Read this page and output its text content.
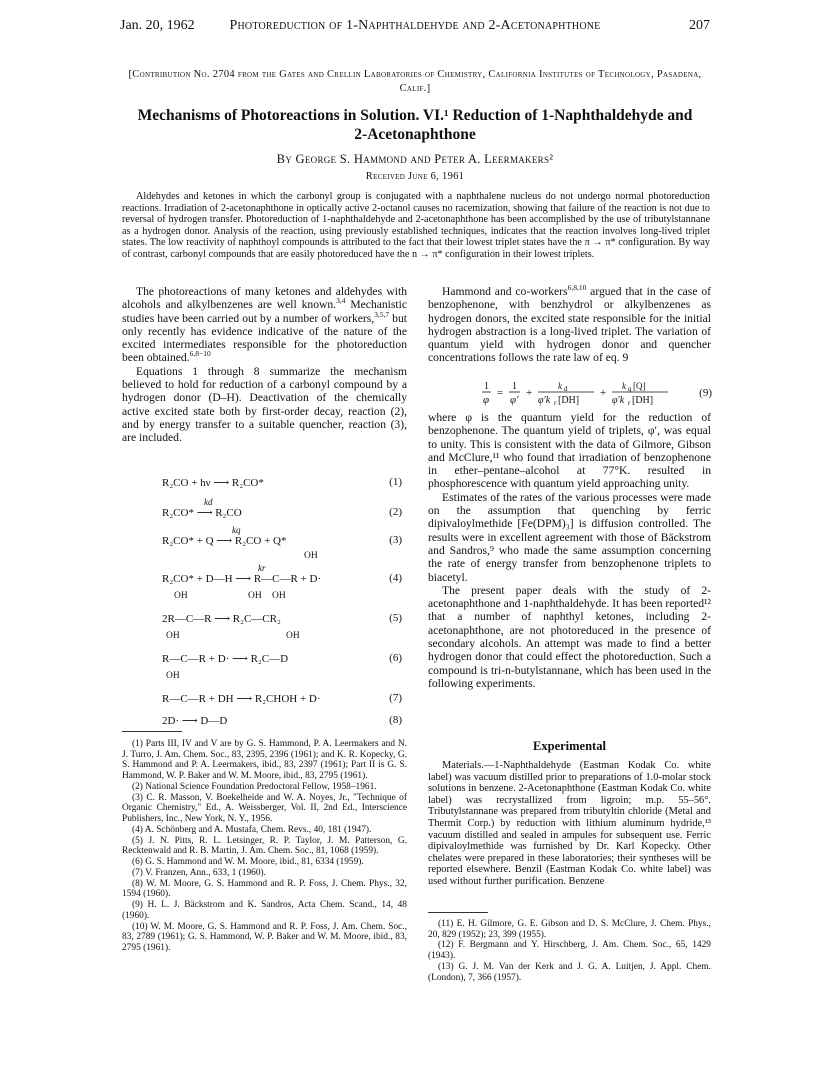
Jan. 20, 1962	Photoreduction of 1-Naphthaldehyde and 2-Acetonaphthone	207
[Contribution No. 2704 from the Gates and Crellin Laboratories of Chemistry, California Institutes of Technology, Pasadena, Calif.]
Mechanisms of Photoreactions in Solution. VI.¹ Reduction of 1-Naphthaldehyde and
2-Acetonaphthone
By George S. Hammond and Peter A. Leermakers²
Received June 6, 1961
Aldehydes and ketones in which the carbonyl group is conjugated with a naphthalene nucleus do not undergo normal photoreduction reactions. Irradiation of 2-acetonaphthone in optically active 2-octanol causes no racemization, showing that failure of the reaction is not due to reversal of hydrogen transfer. Photoreduction of 1-naphthaldehyde and 2-acetonaphthone has been accomplished by the use of tributylstannane as a hydrogen donor. Analysis of the reaction, using previously established techniques, indicates that the reaction involves long-lived triplet states. The low reactivity of naphthoyl compounds is attributed to the fact that their lowest triplet states have the π → π* configuration. By way of contrast, carbonyl compounds that are easily photoreduced have the n → π* configuration in their lowest triplets.

The photoreactions of many ketones and aldehydes with alcohols and alkylbenzenes are well known.$^{3,4}$ Mechanistic studies have been carried out by a number of workers,$^{3,5,7}$ but only recently has evidence indicative of the nature of the excited intermediates responsible for the photoreduction been obtained.$^{6,8-10}$

Equations 1 through 8 summarize the mechanism believed to hold for reduction of a carbonyl compound by a hydrogen donor (D–H). Deactivation of the chemically active excited state both by first-order decay, reaction (2), and by energy transfer to a suitable quencher, reaction (3), are included.

R₂CO + hν ⟶ R₂CO*	(1)
kd
R₂CO* ⟶ R₂CO	(2)
kq
R₂CO* + Q ⟶ R₂CO + Q*	(3)
OH
kr
R₂CO* + D—H ⟶ R—C—R + D·	(4)
OH	OH OH
2R—C—R ⟶ R₂C—CR₂	(5)
OH	OH
R—C—R + D· ⟶ R₂C—D	(6)
OH
R—C—R + DH ⟶ R₂CHOH + D·	(7)
2D· ⟶ D—D	(8)

(1) Parts III, IV and V are by G. S. Hammond, P. A. Leermakers and N. J. Turro, J. Am. Chem. Soc., 83, 2395, 2396 (1961); and K. R. Kopecky, G. S. Hammond and P. A. Leermakers, ibid., 83, 2397 (1961); Part II is G. S. Hammond, W. P. Baker and W. M. Moore, ibid., 83, 2795 (1961).

(2) National Science Foundation Predoctoral Fellow, 1958–1961.

(3) C. R. Masson, V. Boekelheide and W. A. Noyes, Jr., "Technique of Organic Chemistry," Ed., A. Weissberger, Vol. II, 2nd Ed., Interscience Publishers, Inc., New York, N. Y., 1956.

(4) A. Schönberg and A. Mustafa, Chem. Revs., 40, 181 (1947).

(5) J. N. Pitts, R. L. Letsinger, R. P. Taylor, J. M. Patterson, G. Recktenwald and R. B. Martin, J. Am. Chem. Soc., 81, 1068 (1959).

(6) G. S. Hammond and W. M. Moore, ibid., 81, 6334 (1959).

(7) V. Franzen, Ann., 633, 1 (1960).

(8) W. M. Moore, G. S. Hammond and R. P. Foss, J. Chem. Phys., 32, 1594 (1960).

(9) H. L. J. Bäckstrom and K. Sandros, Acta Chem. Scand., 14, 48 (1960).

(10) W. M. Moore, G. S. Hammond and R. P. Foss, J. Am. Chem. Soc., 83, 2789 (1961); G. S. Hammond, W. P. Baker and W. M. Moore, ibid., 83, 2795 (1961).

Hammond and co-workers$^{6,8,10}$ argued that in the case of benzophenone, with benzhydrol or alkylbenzenes as hydrogen donors, the excited state responsible for the initial hydrogen abstraction is a long-lived triplet. The variation of quantum yield with hydrogen donor and quencher concentrations follows the rate law of eq. 9

1
φ
=
1
φ′
+
k d
φ′k r [DH]
+
k q [Q]
φ′k r [DH]
(9)

where φ is the quantum yield for the reduction of benzophenone. The quantum yield of triplets, φ′, was equal to unity. This is consistent with the data of Gilmore, Gibson and McClure,¹¹ who found that irradiation of benzophenone in ether–pentane–alcohol at 77°K. resulted in phosphorescence with quantum yield approaching unity.

Estimates of the rates of the various processes were made on the assumption that quenching by ferric dipivaloylmethide [Fe(DPM)₃] is diffusion controlled. The results were in excellent agreement with those of Bäckstrom and Sandros,⁹ who made the same assumption concerning the rate of energy transfer from benzophenone triplets to biacetyl.

The present paper deals with the study of 2-acetonaphthone and 1-naphthaldehyde. It has been reported¹² that a number of naphthyl ketones, including 2-acetonaphthone, are not photoreduced in the presence of secondary alcohols. An attempt was made to find a better hydrogen donor that could effect the photoreduction. Such a compound is tri-n-butylstannane, which has been used in the following experiments.

Experimental
Materials.—1-Naphthaldehyde (Eastman Kodak Co. white label) was vacuum distilled prior to preparations of 1.0-molar stock solutions in benzene. 2-Acetonaphthone (Eastman Kodak Co. white label) was recrystallized from ligroin; m.p. 55–56°. Tributylstannane was prepared from tributyltin chloride (Metal and Thermit Corp.) by reduction with lithium aluminum hydride,¹³ vacuum distilled and sealed in ampules for subsequent use. Ferric dipivaloylmethide was furnished by Dr. Karl Kopecky. Other chelates were prepared in these laboratories; their syntheses will be reported elsewhere. Benzil (Eastman Kodak Co. white label) was used without further purification. Benzene

(11) E. H. Gilmore, G. E. Gibson and D. S. McClure, J. Chem. Phys., 20, 829 (1952); 23, 399 (1955).

(12) F. Bergmann and Y. Hirschberg, J. Am. Chem. Soc., 65, 1429 (1943).

(13) G. J. M. Van der Kerk and J. G. A. Luitjen, J. Appl. Chem. (London), 7, 366 (1957).
